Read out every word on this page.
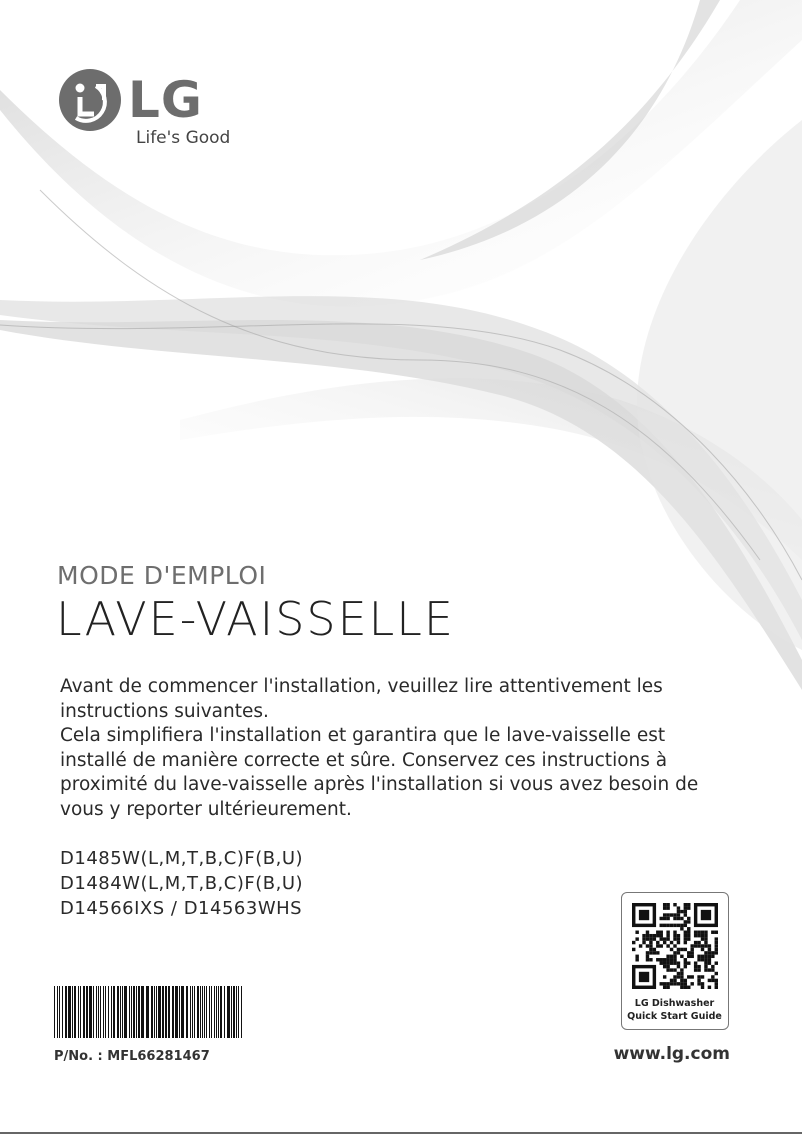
LG
Life's Good
MODE D'EMPLOI
LAVE-VAISSELLE

Avant de commencer l'installation, veuillez lire attentivement les instructions suivantes.

Cela simplifiera l'installation et garantira que le lave-vaisselle est installé de manière correcte et sûre. Conservez ces instructions à proximité du lave-vaisselle après l'installation si vous avez besoin de vous y reporter ultérieurement.

D1485W(L,M,T,B,C)F(B,U)
D1484W(L,M,T,B,C)F(B,U)
D14566IXS / D14563WHS
P/No. : MFL66281467
LG Dishwasher
Quick Start Guide
www.lg.com
